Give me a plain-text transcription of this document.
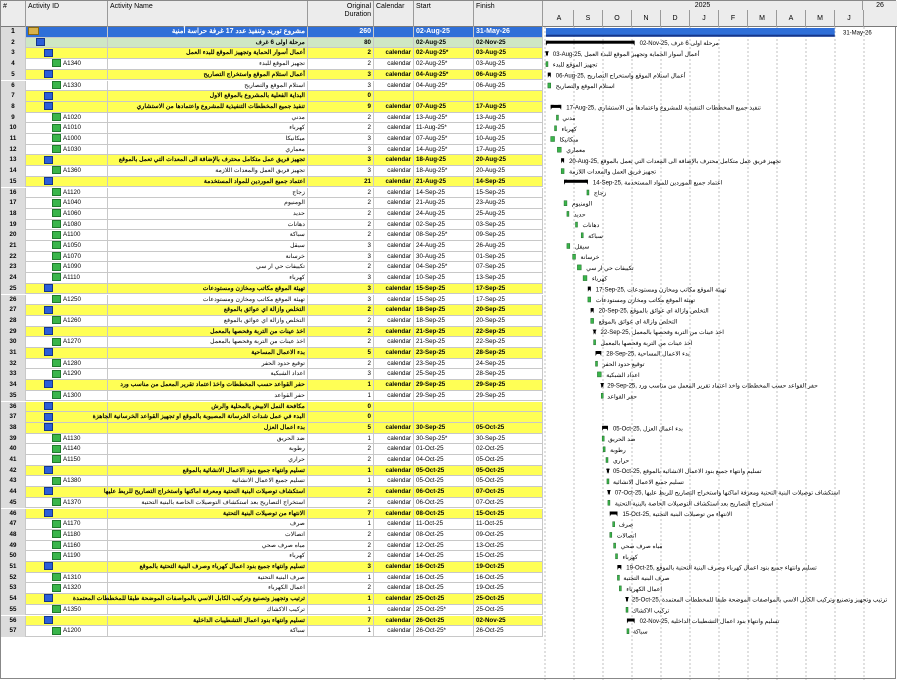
#	Activity ID	Activity Name	Original
Duration
Calendar	Start	Finish	2025	26
A	S	O	N	D	J	F	M	A	M	J
1	مشروع توريد وتنفيذ عدد 17 غرفة حراسة أمنية	260	02-Aug-25	31-May-26
2	مرحلة اولى 6 غرف	80	02-Aug-25	02-Nov-25
3	أعمال أسوار الحماية وتجهيز الموقع للبدء العمل	2	calendar 02-Aug-25*	03-Aug-25
4	A1340	تجهيز الموقع للبدء	2	calendar 02-Aug-25*	03-Aug-25
5	أعمال استلام الموقع واستخراج التصاريح	3	calendar 04-Aug-25*	06-Aug-25
6	A1330	استلام الموقع والتصاريح	3	calendar 04-Aug-25*	06-Aug-25
7	البداية الفعلية بالمشروع بالموقع الاول	0
8	تنفيذ جميع المخططات التنفيذية للمشروع واعتمادها من الاستشاري	9	calendar 07-Aug-25	17-Aug-25
9	A1020	مدني	2	calendar 13-Aug-25*	13-Aug-25
10	A1010	كهرباء	2	calendar 11-Aug-25*	12-Aug-25
11	A1000	ميكانيكا	3	calendar 07-Aug-25*	10-Aug-25
12	A1030	معماري	3	calendar 14-Aug-25*	17-Aug-25
13	تجهيز فريق عمل متكامل محترف بالإضافة الى المعدات التي تعمل بالموقع	3	calendar 18-Aug-25	20-Aug-25
14	A1360	تجهيز فريق العمل والمعدات اللازمة	3	calendar 18-Aug-25*	20-Aug-25
15	اعتماد جميع الموردين للمواد المستخدمة	21	calendar 21-Aug-25	14-Sep-25
16	A1120	زجاج	2	calendar 14-Sep-25	15-Sep-25
17	A1040	الومنيوم	2	calendar 21-Aug-25	23-Aug-25
18	A1060	حديد	2	calendar 24-Aug-25	25-Aug-25
19	A1080	دهانات	2	calendar 02-Sep-25	03-Sep-25
20	A1100	سباكة	2	calendar 08-Sep-25*	09-Sep-25
21	A1050	سيقل	3	calendar 24-Aug-25	26-Aug-25
22	A1070	خرسانة	3	calendar 30-Aug-25	01-Sep-25
23	A1090	تكييفات حي ار سي	2	calendar 04-Sep-25*	07-Sep-25
24	A1110	كهرباء	3	calendar 10-Sep-25	13-Sep-25
25	تهيئة الموقع مكاتب ومخازن ومستودعات	3	calendar 15-Sep-25	17-Sep-25
26	A1250	تهيئة الموقع مكاتب ومخازن ومستودعات	3	calendar 15-Sep-25	17-Sep-25
27	التخلص وازالة اي عوائق بالموقع	2	calendar 18-Sep-25	20-Sep-25
28	A1260	التخلص وازالة اي عوائق بالموقع	2	calendar 18-Sep-25	20-Sep-25
29	اخذ عينات من التربة وفحصها بالمعمل	2	calendar 21-Sep-25	22-Sep-25
30	A1270	اخذ عينات من التربة وفحصها بالمعمل	2	calendar 21-Sep-25	22-Sep-25
31	بدء الاعمال المساحية	5	calendar 23-Sep-25	28-Sep-25
32	A1280	توقيع حدود الحفر	2	calendar 23-Sep-25	24-Sep-25
33	A1290	اعداد الشبكية	3	calendar 25-Sep-25	28-Sep-25
34	حفر القواعد حسب المخططات واخذ اعتماد تقرير المعمل من مناسب ورد	1	calendar 29-Sep-25	29-Sep-25
35	A1300	حفر القواعد	1	calendar 29-Sep-25	29-Sep-25
36	مكافحة النمل الابيض بالمحلية والرش	0
37	البدء في عمل شدات الخرسانة المصبوبة بالموقع او تجهيز القواعد الخرسانية الجاهزة	0
38	بدء اعمال العزل	5	calendar 30-Sep-25	05-Oct-25
39	A1130	ضد الحريق	1	calendar 30-Sep-25*	30-Sep-25
40	A1140	رطوبة	2	calendar 01-Oct-25	02-Oct-25
41	A1150	حراري	2	calendar 04-Oct-25	05-Oct-25
42	تسليم وانتهاء جميع بنود الاعمال الانشائية بالموقع	1	calendar 05-Oct-25	05-Oct-25
43	A1380	تسليم جميع الاعمال الانشائية	1	calendar 05-Oct-25	05-Oct-25
44	استكشاف توصيلات البنية التحتية ومعرفة اماكنها واستخراج التصاريح للربط عليها	2	calendar 06-Oct-25	07-Oct-25
45	A1370	استخراج التصاريح بعد استكشاف التوصيلات الخاصة بالبنية التحتية	2	calendar 06-Oct-25	07-Oct-25
46	الانتهاء من توصيلات البنية التحتية	7	calendar 08-Oct-25	15-Oct-25
47	A1170	صرف	1	calendar 11-Oct-25	11-Oct-25
48	A1180	اتصالات	2	calendar 08-Oct-25	09-Oct-25
49	A1160	مياه صرف صحي	2	calendar 12-Oct-25	13-Oct-25
50	A1190	كهرباء	2	calendar 14-Oct-25	15-Oct-25
51	تسليم وانتهاء جميع بنود اعمال كهرباء وصرف البنية التحتية بالموقع	3	calendar 16-Oct-25	19-Oct-25
52	A1310	صرف البنية التحتية	1	calendar 16-Oct-25	16-Oct-25
53	A1320	اعمال الكهرباء	2	calendar 18-Oct-25	19-Oct-25
54	ترتيب وتجهيز وتصنيع وتركيب الكابل الاسي بالمواصفات الموضحة طبقا للمخططات المعتمدة	1	calendar 25-Oct-25	25-Oct-25
55	A1350	تركيب الاكشاك	1	calendar 25-Oct-25*	25-Oct-25
56	تسليم وانتهاء بنود اعمال التشطيبات الداخلية	7	calendar 26-Oct-25	02-Nov-25
57	A1200	سباكة	1	calendar 26-Oct-25*	26-Oct-25
02-Nov-25, مرحلة اولى 6 غرف
03-Aug-25, أعمال أسوار الحماية وتجهيز الموقع للبدء العمل
تجهيز الموقع للبدء
06-Aug-25, أعمال استلام الموقع واستخراج التصاريح
استلام الموقع والتصاريح
17-Aug-25, تنفيذ جميع المخططات التنفيذية للمشروع واعتمادها من الاستشاري
مدني
كهرباء
ميكانيكا
معماري
20-Aug-25, تجهيز فريق عمل متكامل محترف بالإضافة الى المعدات التي تعمل بالموقع
تجهيز فريق العمل والمعدات اللازمة
14-Sep-25, اعتماد جميع الموردين للمواد المستخدمة
زجاج
الومنيوم
حديد
دهانات
سباكة
سيقل
خرسانة
تكييفات حي ار سي
كهرباء
17-Sep-25, تهيئة الموقع مكاتب ومخازن ومستودعات
تهيئة الموقع مكاتب ومخازن ومستودعات
20-Sep-25, التخلص وازالة اي عوائق بالموقع
التخلص وازالة اي عوائق بالموقع
22-Sep-25, اخذ عينات من التربة وفحصها بالمعمل
اخذ عينات من التربة وفحصها بالمعمل
28-Sep-25, بدء الاعمال المساحية
توقيع حدود الحفر
اعداد الشبكية
29-Sep-25, حفر القواعد حسب المخططات واخذ اعتماد تقرير المعمل من مناسب ورد
حفر القواعد
05-Oct-25, بدء اعمال العزل
ضد الحريق
رطوبة
حراري
05-Oct-25, تسليم وانتهاء جميع بنود الاعمال الانشائية بالموقع
تسليم جميع الاعمال الانشائية
07-Oct-25, استكشاف توصيلات البنية التحتية ومعرفة اماكنها واستخراج التصاريح للربط عليها
استخراج التصاريح بعد استكشاف التوصيلات الخاصة بالبنية التحتية
15-Oct-25, الانتهاء من توصيلات البنية التحتية
صرف
اتصالات
مياه صرف صحي
كهرباء
19-Oct-25, تسليم وانتهاء جميع بنود اعمال كهرباء وصرف البنية التحتية بالموقع
صرف البنية التحتية
اعمال الكهرباء
25-Oct-25, ترتيب وتجهيز وتصنيع وتركيب الكابل الاسي بالمواصفات الموضحة طبقا للمخططات المعتمدة
تركيب الاكشاك
02-Nov-25, تسليم وانتهاء بنود اعمال التشطيبات الداخلية
سباكة
31-May-26
